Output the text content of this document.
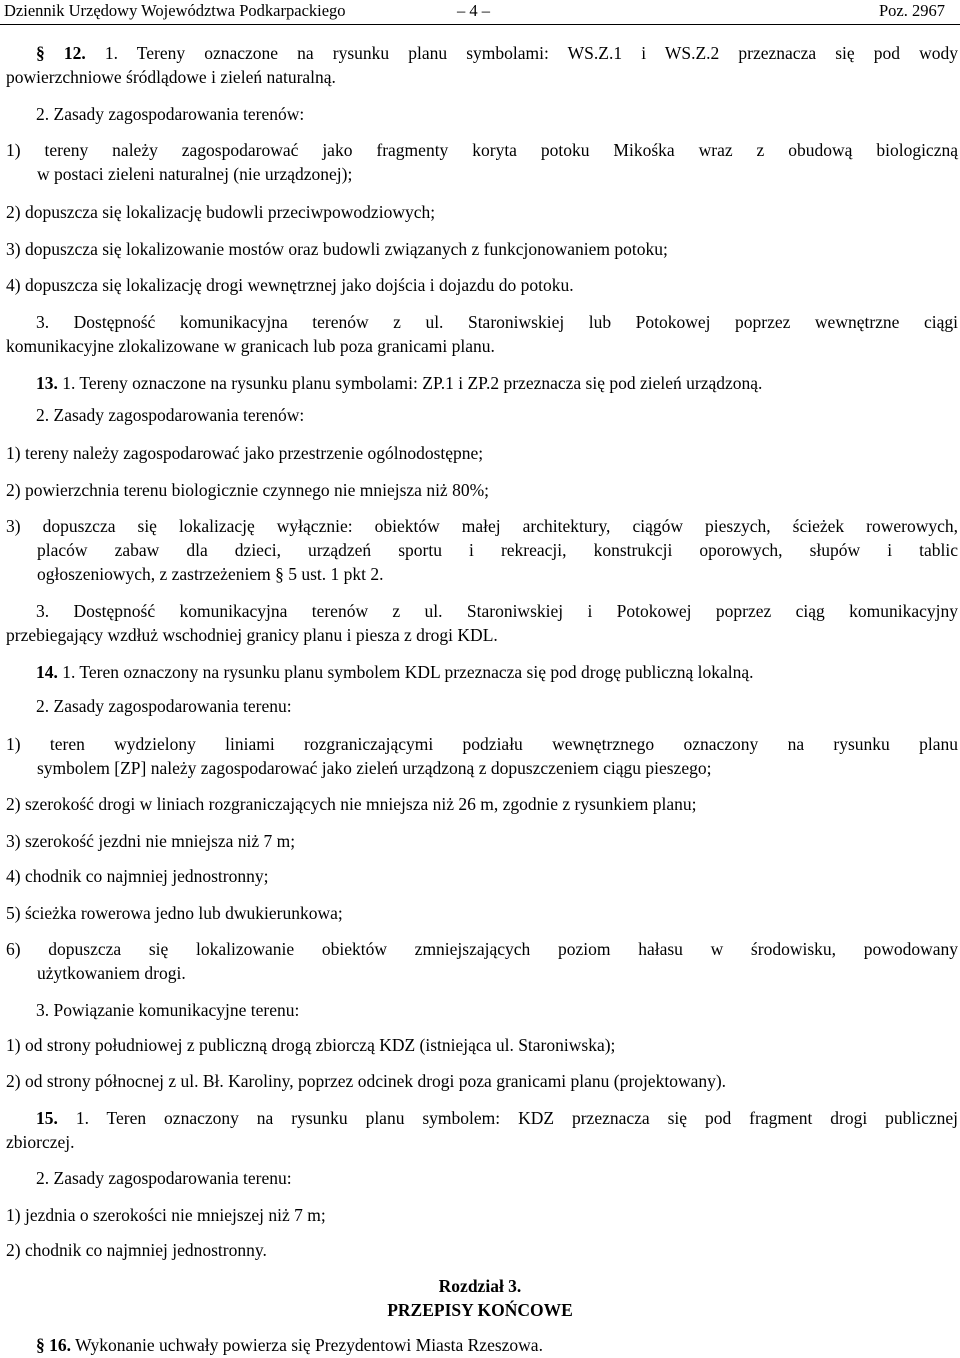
Dziennik Urzędowy Województwa Podkarpackiego	– 4 –	Poz. 2967
§ 12. 1. Tereny oznaczone na rysunku planu symbolami: WS.Z.1 i WS.Z.2 przeznacza się pod wody
powierzchniowe śródlądowe i zieleń naturalną.
2. Zasady zagospodarowania terenów:
1) tereny należy zagospodarować jako fragmenty koryta potoku Mikośka wraz z obudową biologiczną
w postaci zieleni naturalnej (nie urządzonej);
2) dopuszcza się lokalizację budowli przeciwpowodziowych;
3) dopuszcza się lokalizowanie mostów oraz budowli związanych z funkcjonowaniem potoku;
4) dopuszcza się lokalizację drogi wewnętrznej jako dojścia i dojazdu do potoku.
3. Dostępność komunikacyjna terenów z ul. Staroniwskiej lub Potokowej poprzez wewnętrzne ciągi
komunikacyjne zlokalizowane w granicach lub poza granicami planu.
13. 1. Tereny oznaczone na rysunku planu symbolami: ZP.1 i ZP.2 przeznacza się pod zieleń urządzoną.
2. Zasady zagospodarowania terenów:
1) tereny należy zagospodarować jako przestrzenie ogólnodostępne;
2) powierzchnia terenu biologicznie czynnego nie mniejsza niż 80%;
3) dopuszcza się lokalizację wyłącznie: obiektów małej architektury, ciągów pieszych, ścieżek rowerowych,
placów zabaw dla dzieci, urządzeń sportu i rekreacji, konstrukcji oporowych, słupów i tablic
ogłoszeniowych, z zastrzeżeniem § 5 ust. 1 pkt 2.
3. Dostępność komunikacyjna terenów z ul. Staroniwskiej i Potokowej poprzez ciąg komunikacyjny
przebiegający wzdłuż wschodniej granicy planu i piesza z drogi KDL.
14. 1. Teren oznaczony na rysunku planu symbolem KDL przeznacza się pod drogę publiczną lokalną.
2. Zasady zagospodarowania terenu:
1) teren wydzielony liniami rozgraniczającymi podziału wewnętrznego oznaczony na rysunku planu
symbolem [ZP] należy zagospodarować jako zieleń urządzoną z dopuszczeniem ciągu pieszego;
2) szerokość drogi w liniach rozgraniczających nie mniejsza niż 26 m, zgodnie z rysunkiem planu;
3) szerokość jezdni nie mniejsza niż 7 m;
4) chodnik co najmniej jednostronny;
5) ścieżka rowerowa jedno lub dwukierunkowa;
6) dopuszcza się lokalizowanie obiektów zmniejszających poziom hałasu w środowisku, powodowany
użytkowaniem drogi.
3. Powiązanie komunikacyjne terenu:
1) od strony południowej z publiczną drogą zbiorczą KDZ (istniejąca ul. Staroniwska);
2) od strony północnej z ul. Bł. Karoliny, poprzez odcinek drogi poza granicami planu (projektowany).
15. 1. Teren oznaczony na rysunku planu symbolem: KDZ przeznacza się pod fragment drogi publicznej
zbiorczej.
2. Zasady zagospodarowania terenu:
1) jezdnia o szerokości nie mniejszej niż 7 m;
2) chodnik co najmniej jednostronny.
Rozdział 3.
PRZEPISY KOŃCOWE
§ 16. Wykonanie uchwały powierza się Prezydentowi Miasta Rzeszowa.
